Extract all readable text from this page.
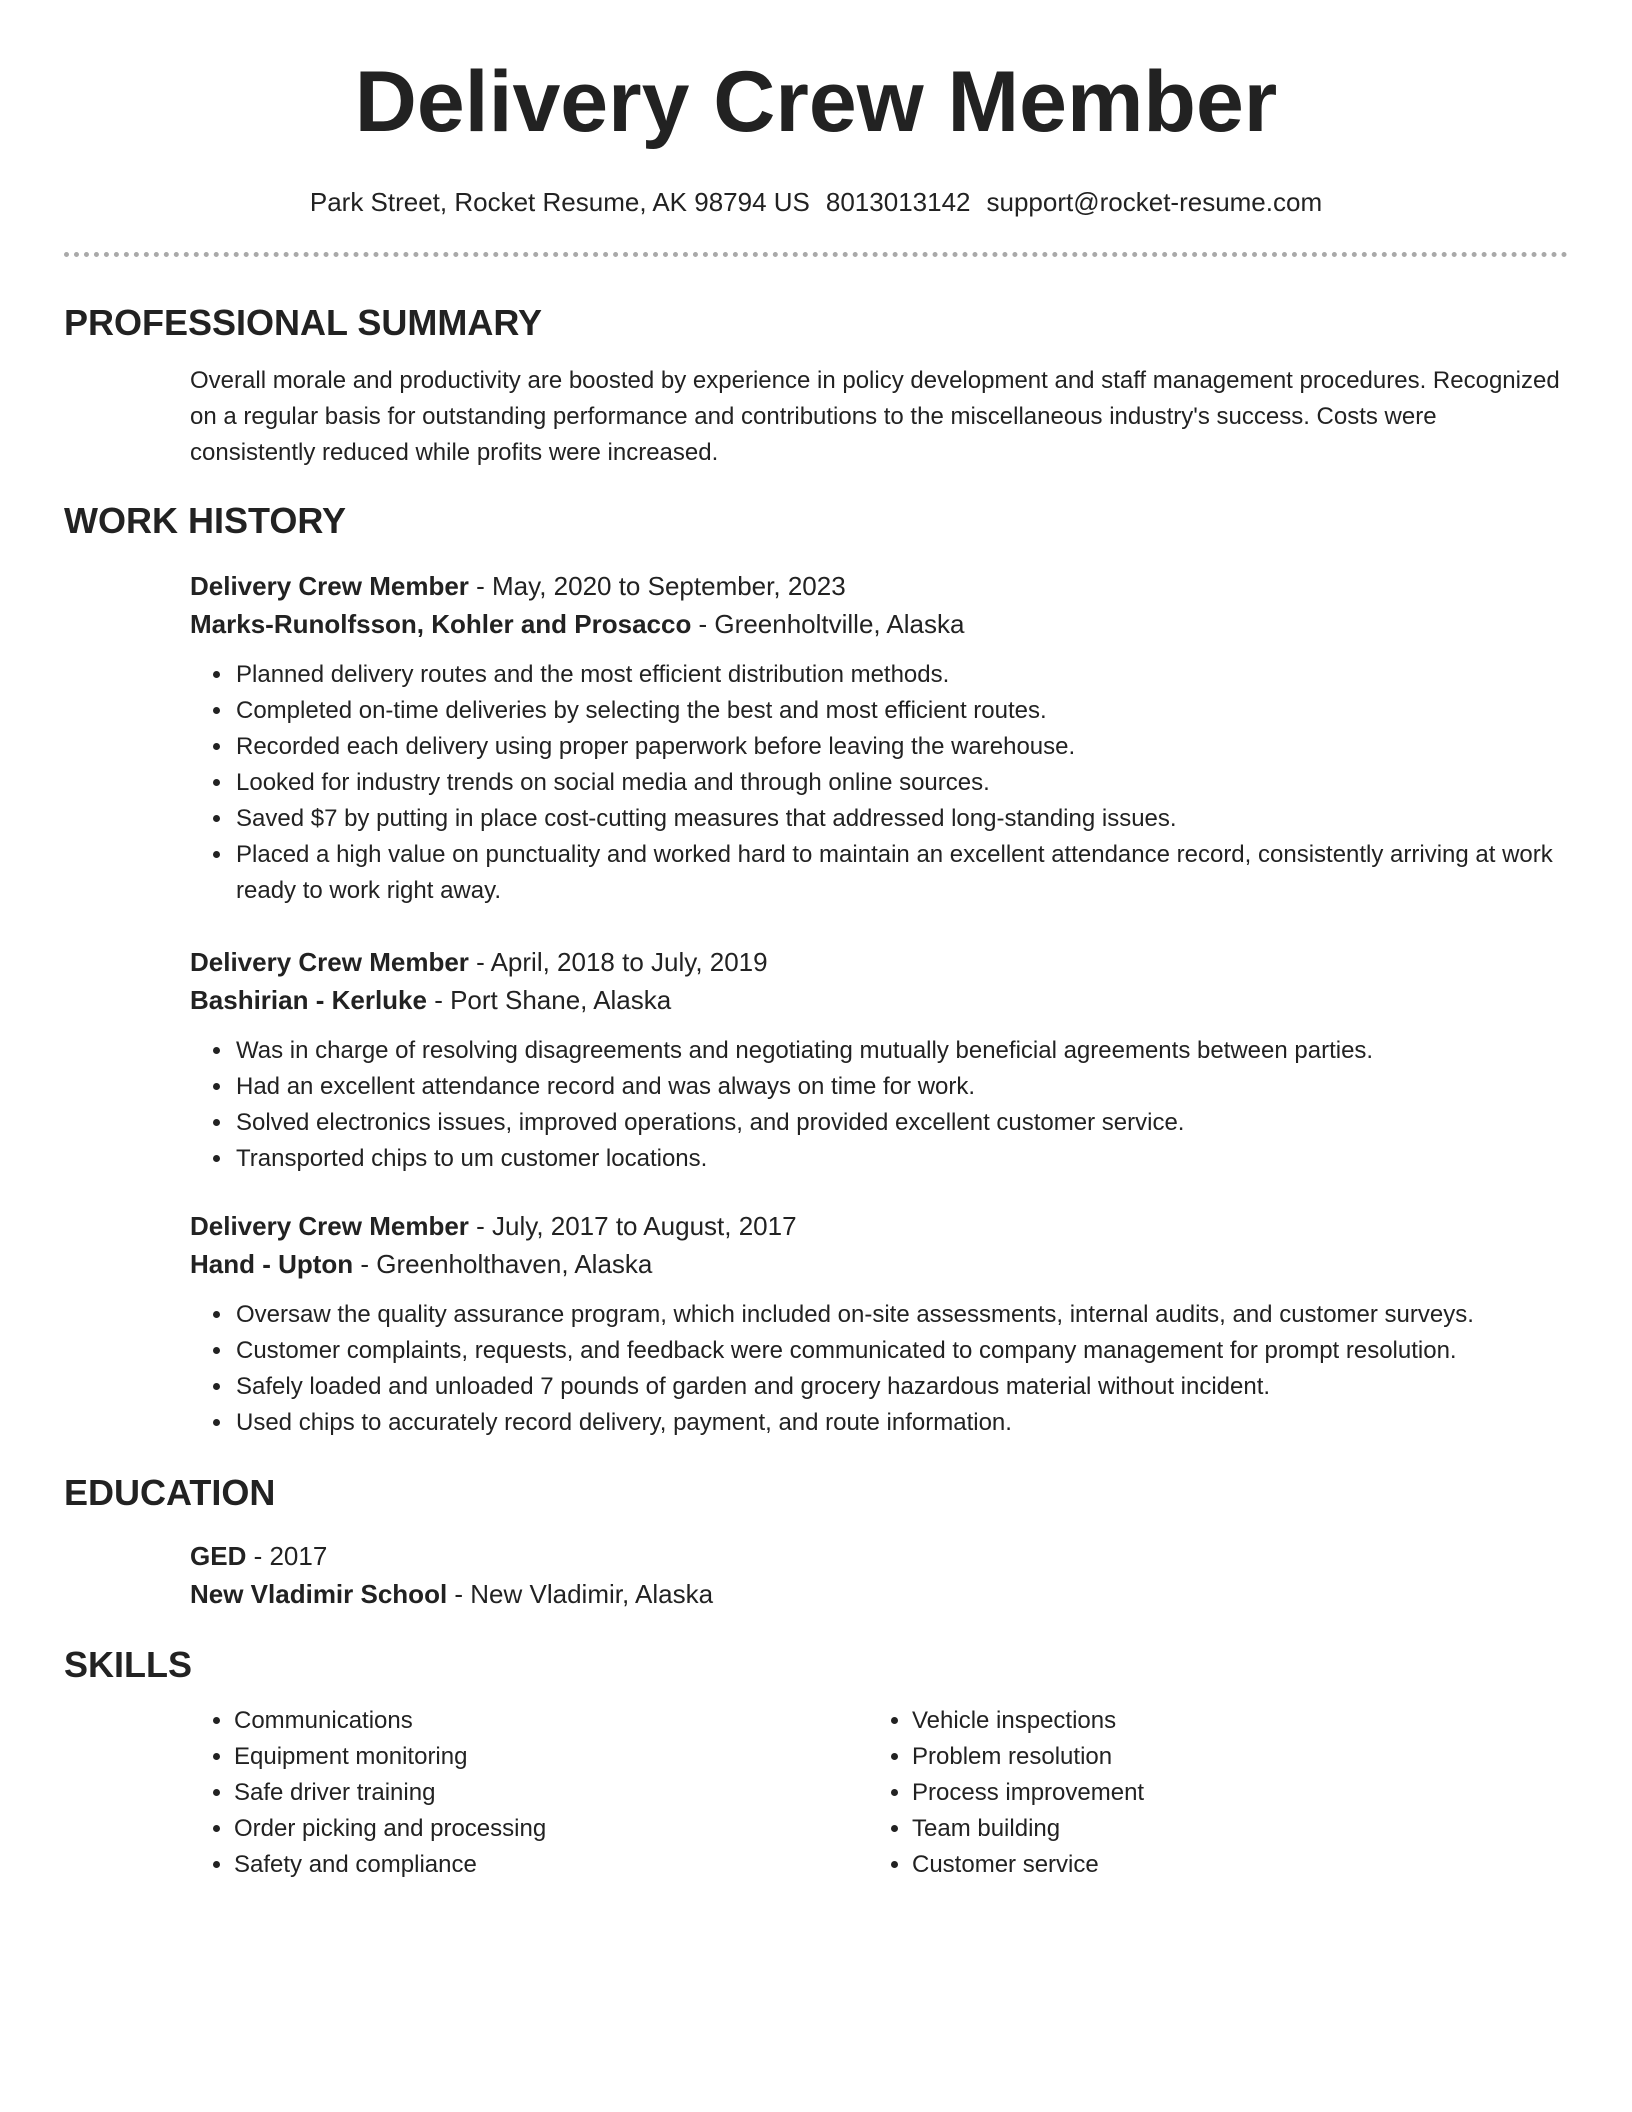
Delivery Crew Member
Park Street, Rocket Resume, AK 98794 US 8013013142 support@rocket-resume.com
PROFESSIONAL SUMMARY
Overall morale and productivity are boosted by experience in policy development and staff management procedures. Recognized on a regular basis for outstanding performance and contributions to the miscellaneous industry's success. Costs were consistently reduced while profits were increased.
WORK HISTORY
Delivery Crew Member - May, 2020 to September, 2023
Marks-Runolfsson, Kohler and Prosacco - Greenholtville, Alaska
• Planned delivery routes and the most efficient distribution methods.
• Completed on-time deliveries by selecting the best and most efficient routes.
• Recorded each delivery using proper paperwork before leaving the warehouse.
• Looked for industry trends on social media and through online sources.
• Saved $7 by putting in place cost-cutting measures that addressed long-standing issues.
• Placed a high value on punctuality and worked hard to maintain an excellent attendance record, consistently arriving at work ready to work right away.
Delivery Crew Member - April, 2018 to July, 2019
Bashirian - Kerluke - Port Shane, Alaska
• Was in charge of resolving disagreements and negotiating mutually beneficial agreements between parties.
• Had an excellent attendance record and was always on time for work.
• Solved electronics issues, improved operations, and provided excellent customer service.
• Transported chips to um customer locations.
Delivery Crew Member - July, 2017 to August, 2017
Hand - Upton - Greenholthaven, Alaska
• Oversaw the quality assurance program, which included on-site assessments, internal audits, and customer surveys.
• Customer complaints, requests, and feedback were communicated to company management for prompt resolution.
• Safely loaded and unloaded 7 pounds of garden and grocery hazardous material without incident.
• Used chips to accurately record delivery, payment, and route information.
EDUCATION
GED - 2017
New Vladimir School - New Vladimir, Alaska
SKILLS
• Communications
• Equipment monitoring
• Safe driver training
• Order picking and processing
• Safety and compliance
• Vehicle inspections
• Problem resolution
• Process improvement
• Team building
• Customer service
